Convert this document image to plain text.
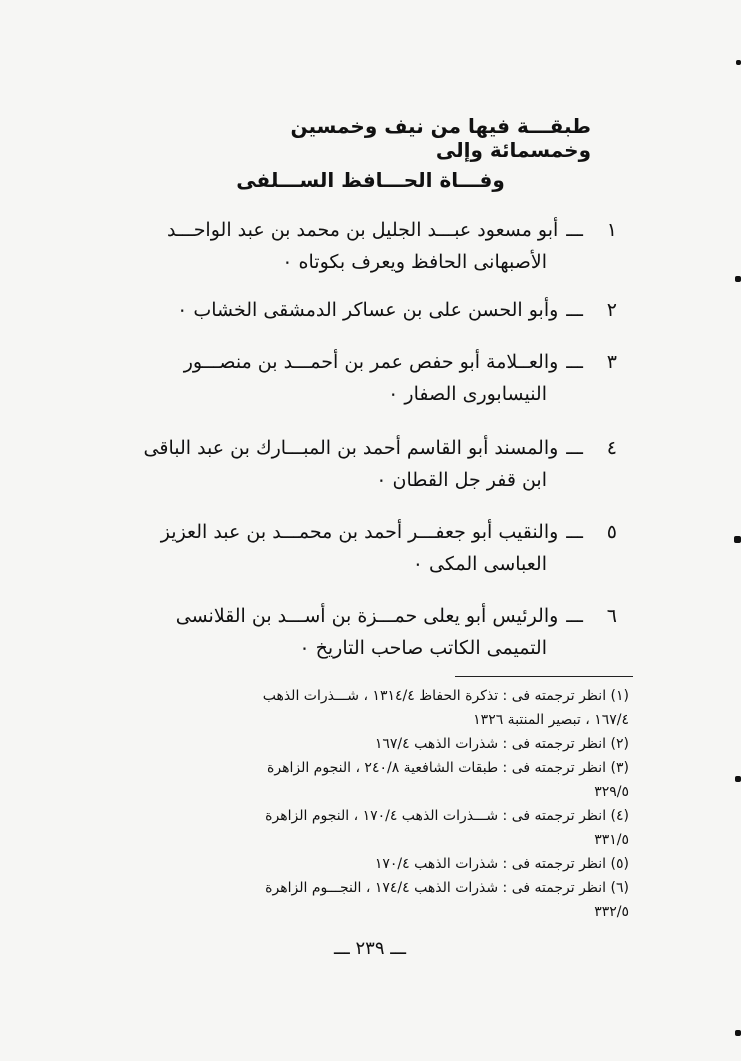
طبقـــة فيها من نيف وخمسين وخمسمائة وإلى
وفـــاة الحـــافظ الســـلفى
١ـــأبو مسعود عبـــد الجليل بن محمد بن عبد الواحـــد
الأصبهانى الحافظ ويعرف بكوتاه ٠
٢ـــوأبو الحسن على بن عساكر الدمشقى الخشاب ٠
٣ـــوالعــلامة أبو حفص عمر بن أحمـــد بن منصـــور
النيسابورى الصفار ٠
٤ـــوالمسند أبو القاسم أحمد بن المبـــارك بن عبد الباقى
ابن قفر جل القطان ٠
٥ـــوالنقيب أبو جعفـــر أحمد بن محمـــد بن عبد العزيز
العباسى المكى ٠
٦ـــوالرئيس أبو يعلى حمـــزة بن أســـد بن القلانسى
التميمى الكاتب صاحب التاريخ ٠
(١) انظر ترجمته فى : تذكرة الحفاظ ١٣١٤/٤ ، شـــذرات الذهب
١٦٧/٤ ، تبصير المنتبة ١٣٢٦
(٢) انظر ترجمته فى : شذرات الذهب ١٦٧/٤
(٣) انظر ترجمته فى : طبقات الشافعية ٢٤٠/٨ ، النجوم الزاهرة
٣٢٩/٥
(٤) انظر ترجمته فى : شـــذرات الذهب ١٧٠/٤ ، النجوم الزاهرة
٣٣١/٥
(٥) انظر ترجمته فى : شذرات الذهب ١٧٠/٤
(٦) انظر ترجمته فى : شذرات الذهب ١٧٤/٤ ، النجـــوم الزاهرة
٣٣٢/٥
ـــ ٢٣٩ ـــ
